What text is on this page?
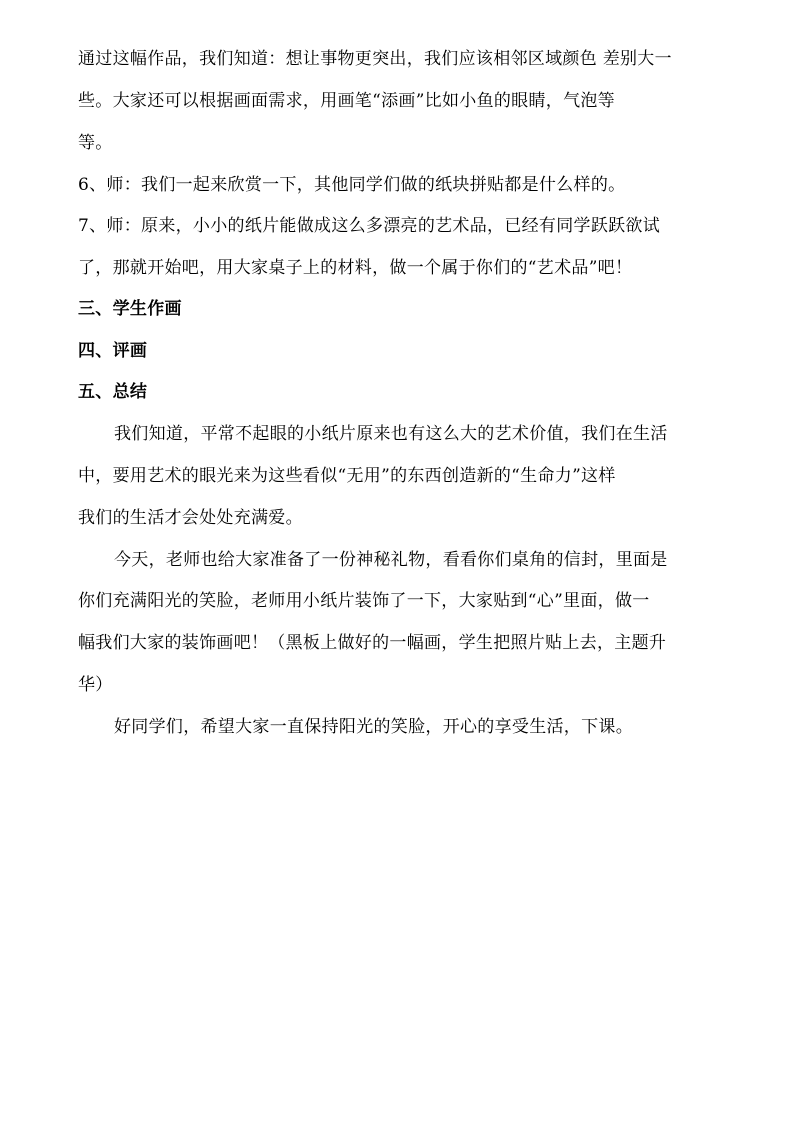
通过这幅作品，我们知道：想让事物更突出，我们应该相邻区域颜色 差别大一
些。大家还可以根据画面需求，用画笔“添画”比如小鱼的眼睛，气泡等
等。
6、师：我们一起来欣赏一下，其他同学们做的纸块拼贴都是什么样的。
7、师：原来，小小的纸片能做成这么多漂亮的艺术品，已经有同学跃跃欲试
了，那就开始吧，用大家桌子上的材料，做一个属于你们的“艺术品”吧！
三、学生作画
四、评画
五、总结
我们知道，平常不起眼的小纸片原来也有这么大的艺术价值，我们在生活
中，要用艺术的眼光来为这些看似“无用”的东西创造新的“生命力”这样
我们的生活才会处处充满爱。
今天，老师也给大家准备了一份神秘礼物，看看你们桌角的信封，里面是
你们充满阳光的笑脸，老师用小纸片装饰了一下，大家贴到“心”里面，做一
幅我们大家的装饰画吧！（黑板上做好的一幅画，学生把照片贴上去，主题升
华）
好同学们，希望大家一直保持阳光的笑脸，开心的享受生活，下课。
